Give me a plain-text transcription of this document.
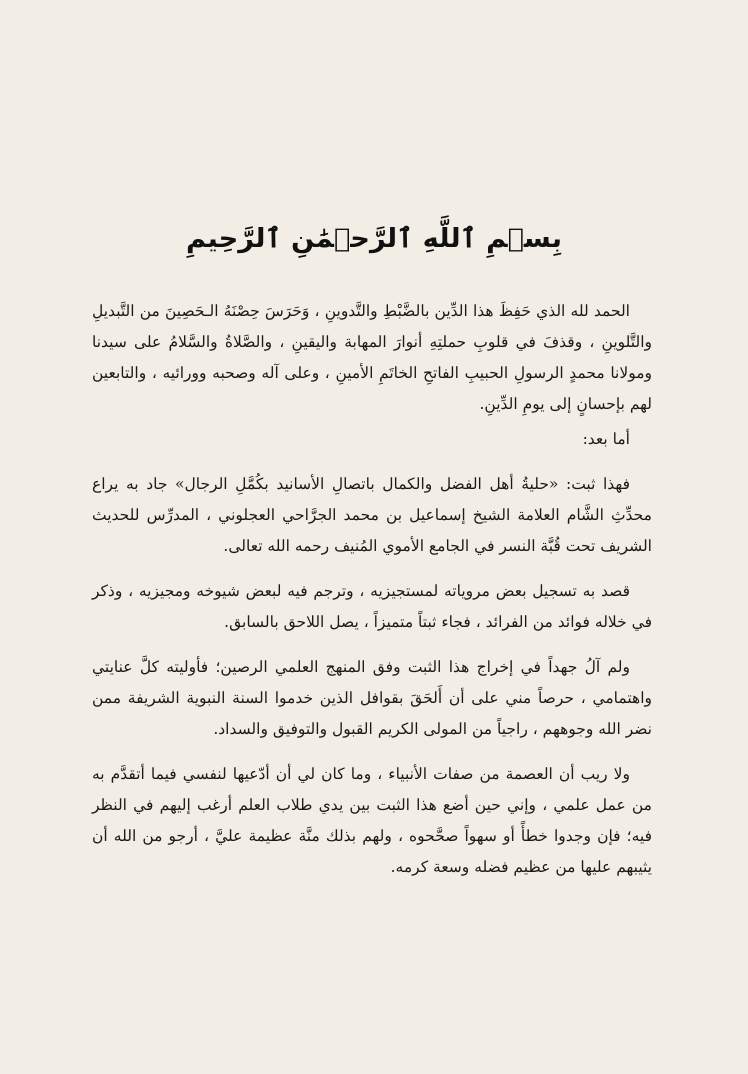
بِسۡمِ ٱللَّهِ ٱلرَّحۡمَٰنِ ٱلرَّحِيمِ

الحمد لله الذي حَفِظَ هذا الدِّين بالضَّبْطِ والتَّدوينِ ، وَحَرَسَ حِصْنَهُ الـحَصِينَ من التَّبديلِ والتَّلوينِ ، وقذفَ في قلوبِ حملتِهِ أنوارَ المهابة واليقينِ ، والصَّلاةُ والسَّلامُ على سيدنا ومولانا محمدٍ الرسولِ الحبيبِ الفاتحِ الخاتَمِ الأمينِ ، وعلى آله وصحبه وورائيه ، والتابعين لهم بإحسانٍ إلى يومِ الدِّينِ.

أما بعد:

فهذا ثبت: «حليةُ أهل الفضل والكمال باتصالِ الأسانيد بكُمَّلِ الرجال» جاد به يراع محدِّثِ الشَّام العلامة الشيخ إسماعيل بن محمد الجرَّاحي العجلوني ، المدرِّس للحديث الشريف تحت قُبَّة النسر في الجامع الأموي المُنيف رحمه الله تعالى.

قصد به تسجيل بعض مروياته لمستجيزيه ، وترجم فيه لبعض شيوخه ومجيزيه ، وذكر في خلاله فوائد من الفرائد ، فجاء ثبتاً متميزاً ، يصل اللاحق بالسابق.

ولم آلُ جهداً في إخراج هذا الثبت وفق المنهج العلمي الرصين؛ فأوليته كلَّ عنايتي واهتمامي ، حرصاً مني على أن أَلحَقَ بقوافل الذين خدموا السنة النبوية الشريفة ممن نضر الله وجوههم ، راجياً من المولى الكريم القبول والتوفيق والسداد.

ولا ريب أن العصمة من صفات الأنبياء ، وما كان لي أن أدّعيها لنفسي فيما أتقدَّم به من عمل علمي ، وإني حين أضع هذا الثبت بين يدي طلاب العلم أرغب إليهم في النظر فيه؛ فإن وجدوا خطأً أو سهواً صحَّحوه ، ولهم بذلك منَّة عظيمة عليَّ ، أرجو من الله أن يثيبهم عليها من عظيم فضله وسعة كرمه.
